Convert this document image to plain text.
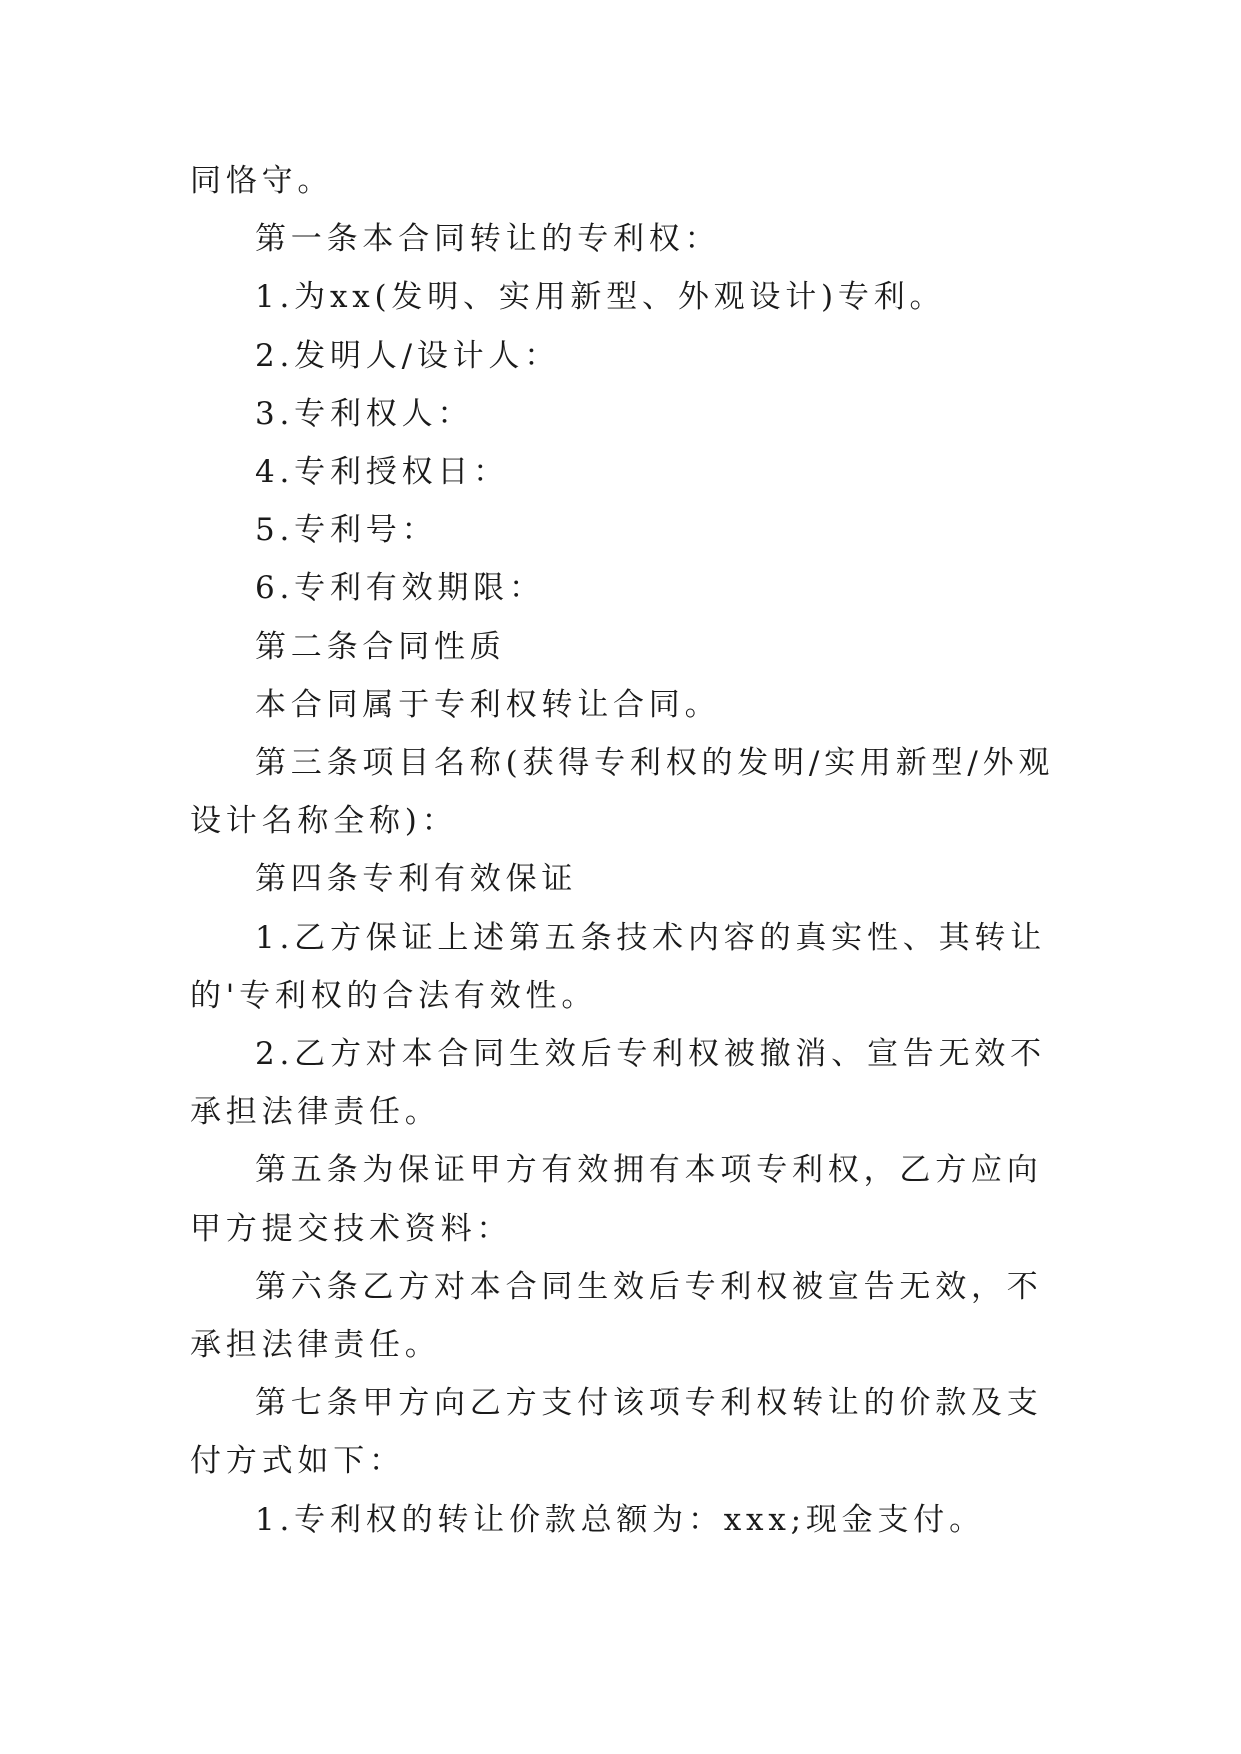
同恪守。

第一条本合同转让的专利权：

1.为xx(发明、实用新型、外观设计)专利。

2.发明人/设计人：

3.专利权人：

4.专利授权日：

5.专利号：

6.专利有效期限：

第二条合同性质

本合同属于专利权转让合同。

第三条项目名称(获得专利权的发明/实用新型/外观设计名称全称)：

第四条专利有效保证

1.乙方保证上述第五条技术内容的真实性、其转让的'专利权的合法有效性。

2.乙方对本合同生效后专利权被撤消、宣告无效不承担法律责任。

第五条为保证甲方有效拥有本项专利权，乙方应向甲方提交技术资料：

第六条乙方对本合同生效后专利权被宣告无效，不承担法律责任。

第七条甲方向乙方支付该项专利权转让的价款及支付方式如下：

1.专利权的转让价款总额为：xxx;现金支付。
